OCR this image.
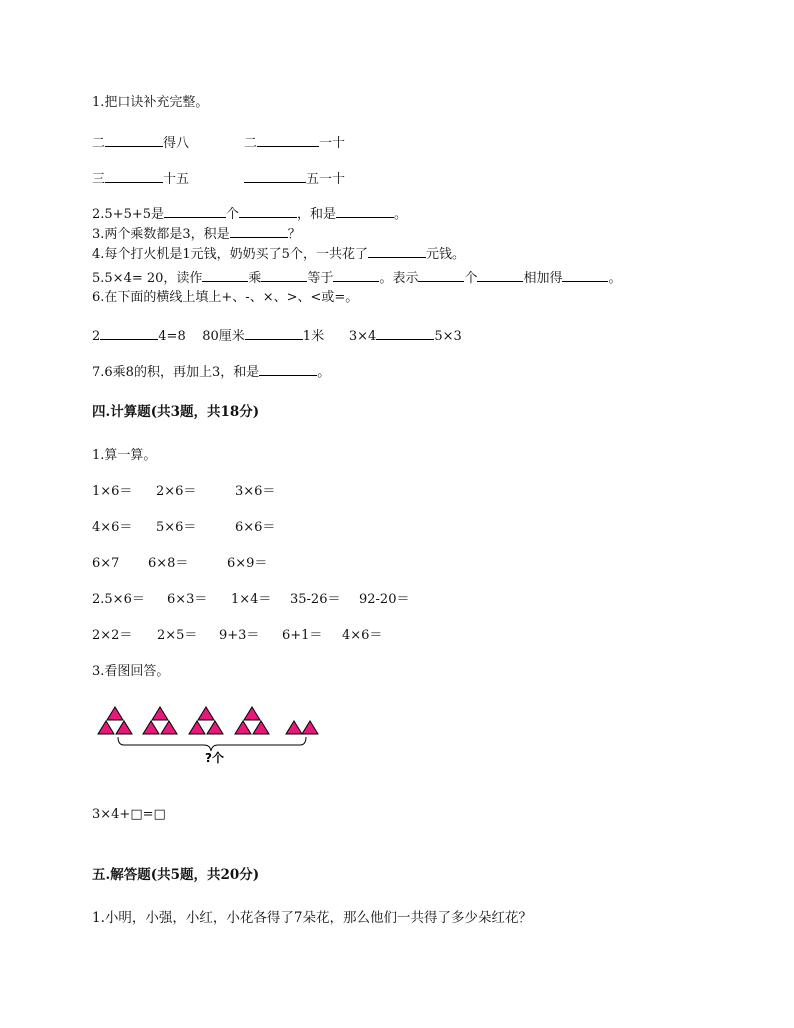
1.把口诀补充完整。
二	得八	二	一十
三	十五	五一十
2.5+5+5是	个	，和是	。
3.两个乘数都是3，积是	？
4.每个打火机是1元钱，奶奶买了5个，一共花了	元钱。
5.5×4= 20，读作	乘	等于	。表示	个	相加得	。
6.在下面的横线上填上+、-、×、>、<或=。
2	4=8 80厘米	1米 3×4	5×3
7.6乘8的积，再加上3，和是	。
四.计算题(共3题，共18分)
1.算一算。
1×6＝ 2×6＝	3×6＝
4×6＝ 5×6＝	6×6＝
6×7 6×8＝	6×9＝
2.5×6＝ 6×3＝ 1×4＝ 35-26＝ 92-20＝
2×2＝ 2×5＝ 9+3＝ 6+1＝ 4×6＝
3.看图回答。
?个
3×4+□=□
五.解答题(共5题，共20分)
1.小明，小强，小红，小花各得了7朵花，那么他们一共得了多少朵红花？
